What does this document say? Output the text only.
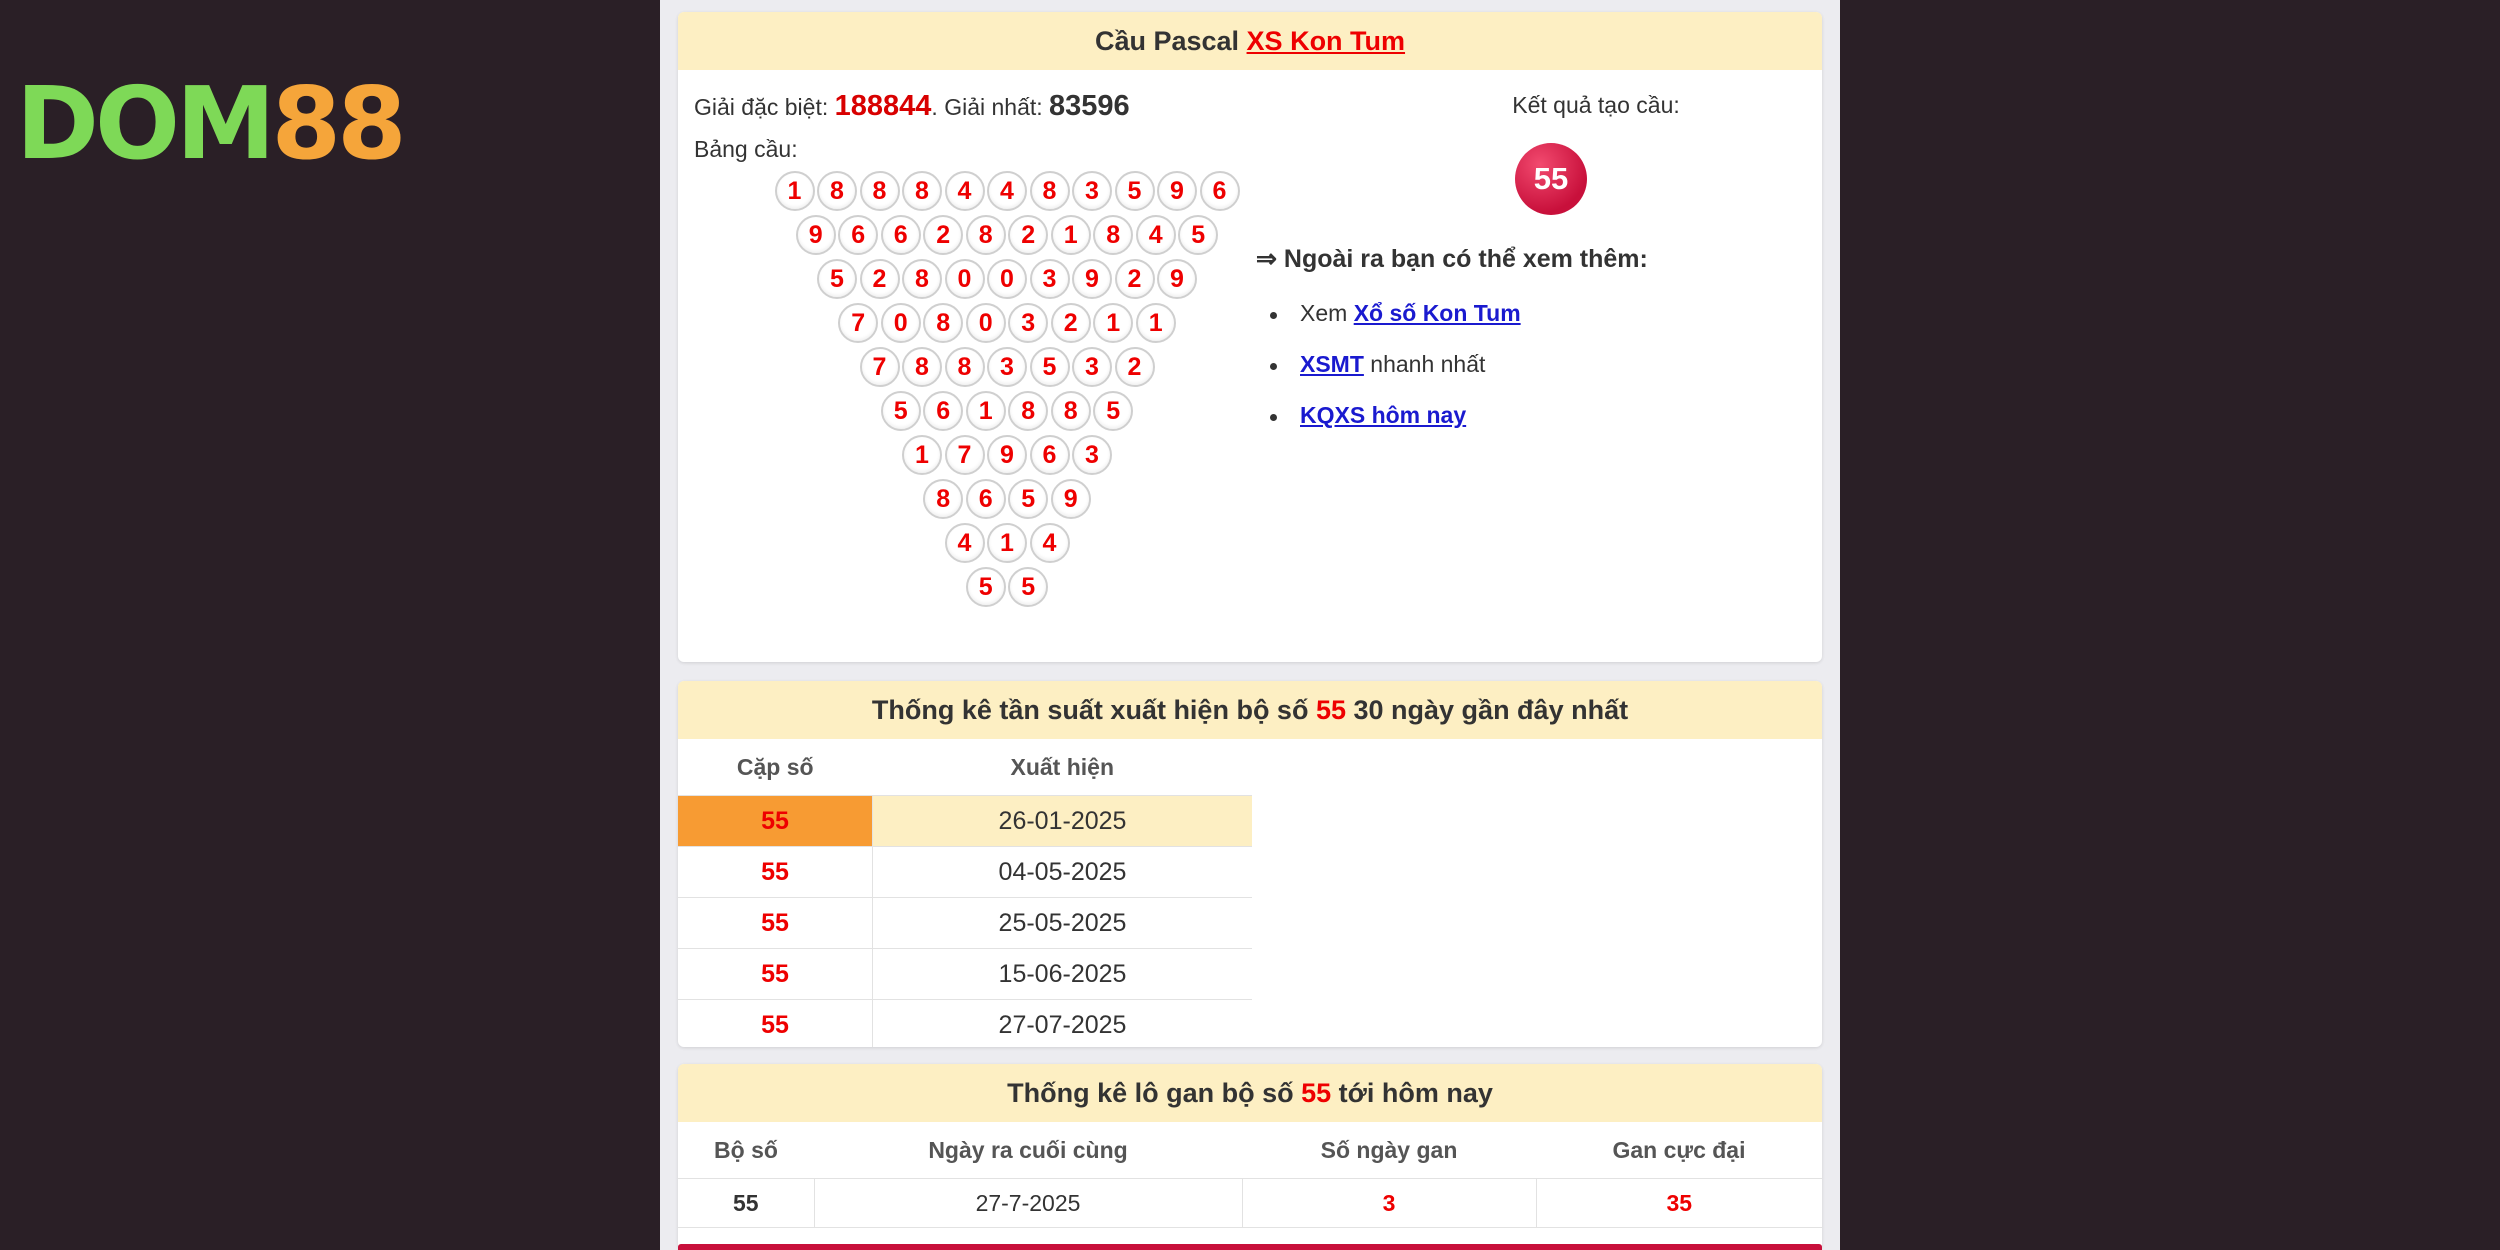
DOM88
Cầu Pascal XS Kon Tum
Giải đặc biệt: 188844. Giải nhất: 83596
Bảng cầu:
1	8	8	8	4	4	8	3	5	9	6
9	6	6	2	8	2	1	8	4	5
5	2	8	0	0	3	9	2	9
7	0	8	0	3	2	1	1
7	8	8	3	5	3	2
5	6	1	8	8	5
1	7	9	6	3
8	6	5	9
4	1	4
5	5
Kết quả tạo cầu:
55
⇒ Ngoài ra bạn có thể xem thêm:
Xem Xổ số Kon Tum
XSMT nhanh nhất
KQXS hôm nay
Thống kê tần suất xuất hiện bộ số 55 30 ngày gần đây nhất
Cặp số	Xuất hiện
55	26-01-2025
55	04-05-2025
55	25-05-2025
55	15-06-2025
55	27-07-2025
Thống kê lô gan bộ số 55 tới hôm nay
Bộ số	Ngày ra cuối cùng	Số ngày gan	Gan cực đại
55	27-7-2025	3	35
